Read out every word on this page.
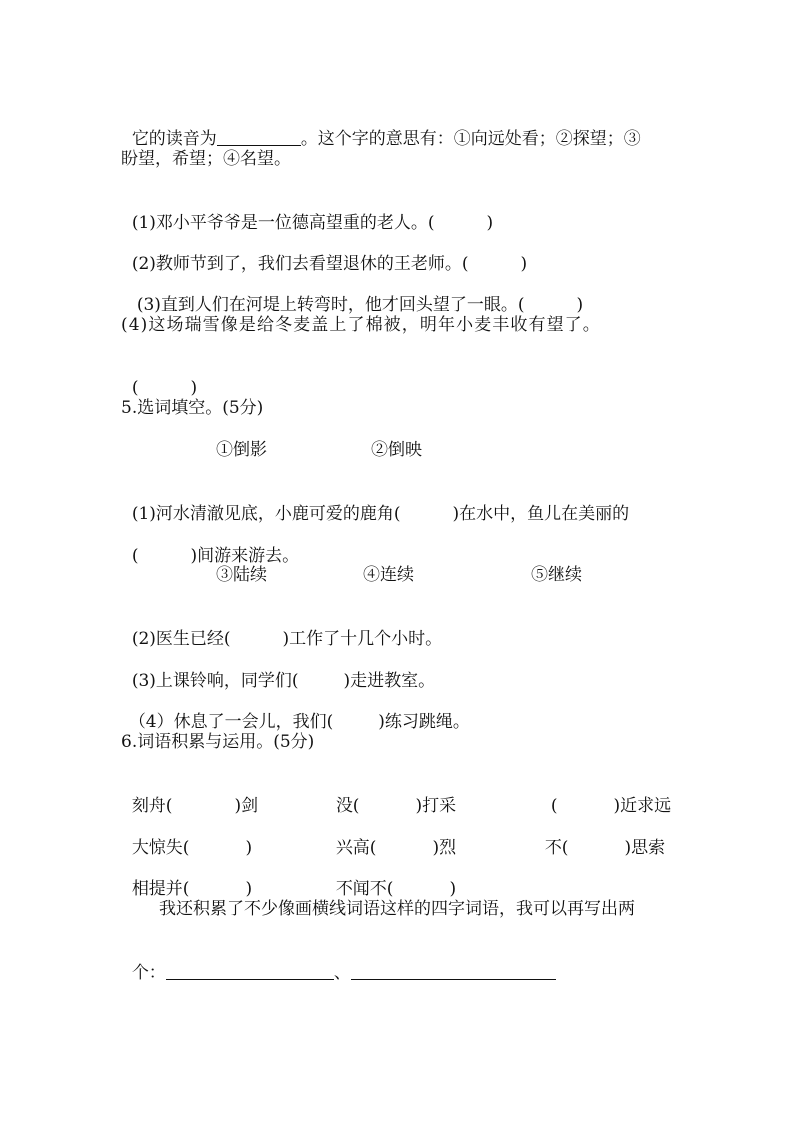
它的读音为	。这个字的意思有：①向远处看；②探望；③

盼望，希望；④名望。

(1)邓小平爷爷是一位德高望重的老人。(	)

(2)教师节到了，我们去看望退休的王老师。(	)

(3)直到人们在河堤上转弯时，他才回头望了一眼。(	)

(4)这场瑞雪像是给冬麦盖上了棉被，明年小麦丰收有望了。

(	)

5.选词填空。(5分)
①倒影	②倒映

(1)河水清澈见底，小鹿可爱的鹿角(	)在水中，鱼儿在美丽的

(	)间游来游去。

③陆续	④连续	⑤继续

(2)医生已经(	)工作了十几个小时。

(3)上课铃响，同学们(	)走进教室。

（4）休息了一会儿，我们(	)练习跳绳。

6.词语积累与运用。(5分)

刻舟(	)剑	没(	)打采	(	)近求远

大惊失(	)	兴高(	)烈	不(	)思索

相提并(	)	不闻不(	)

我还积累了不少像画横线词语这样的四字词语，我可以再写出两

个：	、
